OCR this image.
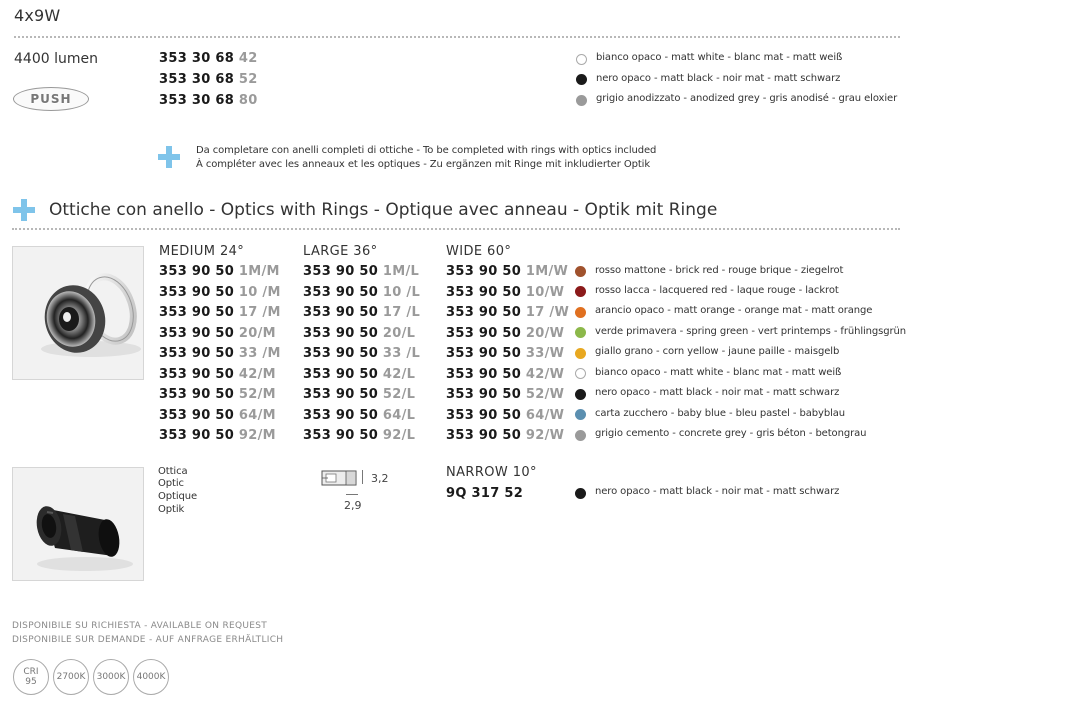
4x9W
4400 lumen
PUSH
353 30 68 42
353 30 68 52
353 30 68 80
bianco opaco - matt white - blanc mat - matt weiß
nero opaco - matt black - noir mat - matt schwarz
grigio anodizzato - anodized grey - gris anodisé - grau eloxier
Da completare con anelli completi di ottiche - To be completed with rings with optics included
À compléter avec les anneaux et les optiques - Zu ergänzen mit Ringe mit inkludierter Optik
Ottiche con anello - Optics with Rings - Optique avec anneau - Optik mit Ringe
MEDIUM 24°
353 90 50 1M/M
353 90 50 10 /M
353 90 50 17 /M
353 90 50 20/M
353 90 50 33 /M
353 90 50 42/M
353 90 50 52/M
353 90 50 64/M
353 90 50 92/M
LARGE 36°
353 90 50 1M/L
353 90 50 10 /L
353 90 50 17 /L
353 90 50 20/L
353 90 50 33 /L
353 90 50 42/L
353 90 50 52/L
353 90 50 64/L
353 90 50 92/L
WIDE 60°
353 90 50 1M/W
353 90 50 10/W
353 90 50 17 /W
353 90 50 20/W
353 90 50 33/W
353 90 50 42/W
353 90 50 52/W
353 90 50 64/W
353 90 50 92/W
rosso mattone - brick red - rouge brique - ziegelrot
rosso lacca - lacquered red - laque rouge - lackrot
arancio opaco - matt orange - orange mat - matt orange
verde primavera - spring green - vert printemps - frühlingsgrün
giallo grano - corn yellow - jaune paille - maisgelb
bianco opaco - matt white - blanc mat - matt weiß
nero opaco - matt black - noir mat - matt schwarz
carta zucchero - baby blue - bleu pastel - babyblau
grigio cemento - concrete grey - gris béton - betongrau
Ottica
Optic
Optique
Optik
3,2
2,9
NARROW 10°
9Q 317 52	nero opaco - matt black - noir mat - matt schwarz
DISPONIBILE SU RICHIESTA - AVAILABLE ON REQUEST
DISPONIBILE SUR DEMANDE - AUF ANFRAGE ERHÄLTLICH
CRI
95 2700K 3000K 4000K
